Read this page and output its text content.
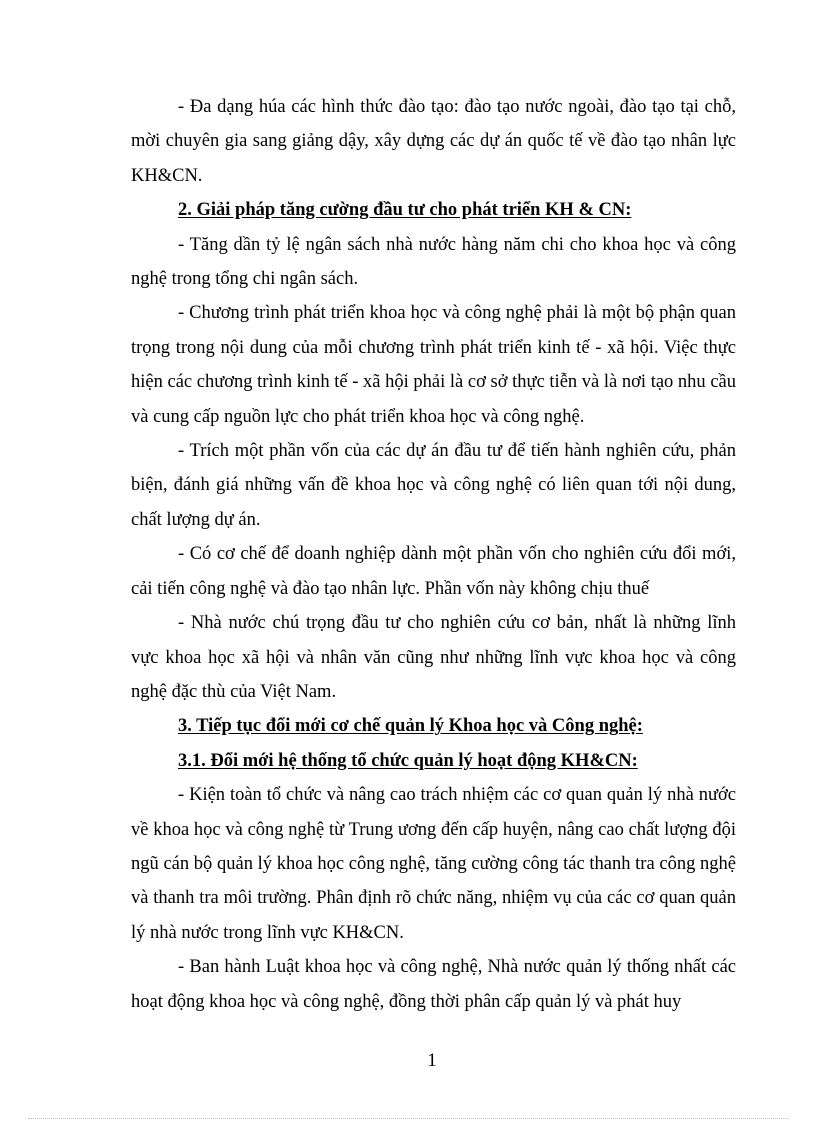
- Đa dạng húa các hình thức đào tạo: đào tạo nước ngoài, đào tạo tại chỗ, mời chuyên gia sang giảng dậy, xây dựng các dự án quốc tế về đào tạo nhân lực KH&CN.

2. Giải pháp tăng cường đầu tư cho phát triển KH & CN:

- Tăng dần tỷ lệ ngân sách nhà nước hàng năm chi cho khoa học và công nghệ trong tổng chi ngân sách.

- Chương trình phát triển khoa học và công nghệ phải là một bộ phận quan trọng trong nội dung của mỗi chương trình phát triển kinh tế - xã hội. Việc thực hiện các chương trình kinh tế - xã hội phải là cơ sở thực tiễn và là nơi tạo nhu cầu và cung cấp nguồn lực cho phát triển khoa học và công nghệ.

- Trích một phần vốn của các dự án đầu tư để tiến hành nghiên cứu, phản biện, đánh giá những vấn đề khoa học và công nghệ có liên quan tới nội dung, chất lượng dự án.

- Có cơ chế để doanh nghiệp dành một phần vốn cho nghiên cứu đổi mới, cải tiến công nghệ và đào tạo nhân lực. Phần vốn này không chịu thuế

- Nhà nước chú trọng đầu tư cho nghiên cứu cơ bản, nhất là những lĩnh vực khoa học xã hội và nhân văn cũng như những lĩnh vực khoa học và công nghệ đặc thù của Việt Nam.

3. Tiếp tục đổi mới cơ chế quản lý Khoa học và Công nghệ:

3.1. Đổi mới hệ thống tổ chức quản lý hoạt động KH&CN:

- Kiện toàn tổ chức và nâng cao trách nhiệm các cơ quan quản lý nhà nước về khoa học và công nghệ từ Trung ương đến cấp huyện, nâng cao chất lượng đội ngũ cán bộ quản lý khoa học công nghệ, tăng cường công tác thanh tra công nghệ và thanh tra môi trường. Phân định rõ chức năng, nhiệm vụ của các cơ quan quản lý nhà nước trong lĩnh vực KH&CN.

- Ban hành Luật khoa học và công nghệ, Nhà nước quản lý thống nhất các hoạt động khoa học và công nghệ, đồng thời phân cấp quản lý và phát huy

1
